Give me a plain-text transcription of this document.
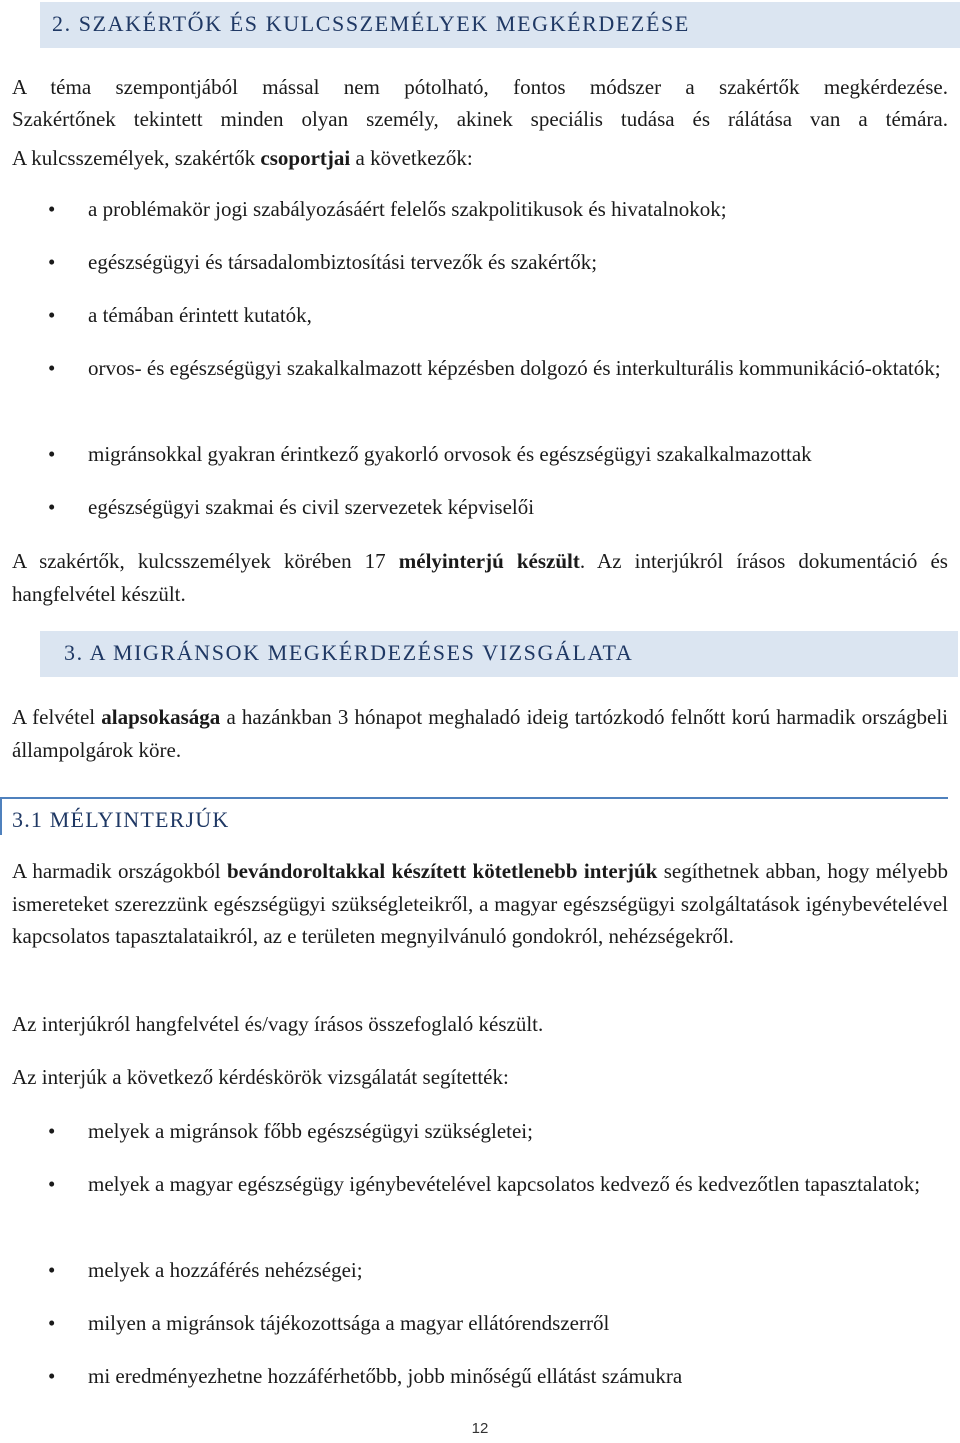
2. SZAKÉRTŐK ÉS KULCSSZEMÉLYEK MEGKÉRDEZÉSE

A téma szempontjából mással nem pótolható, fontos módszer a szakértők megkérdezése.

Szakértőnek tekintett minden olyan személy, akinek speciális tudása és rálátása van a témára.

A kulcsszemélyek, szakértők csoportjai a következők:

• a problémakör jogi szabályozásáért felelős szakpolitikusok és hivatalnokok;

• egészségügyi és társadalombiztosítási tervezők és szakértők;

• a témában érintett kutatók,

• orvos- és egészségügyi szakalkalmazott képzésben dolgozó és interkulturális kommunikáció-oktatók;

• migránsokkal gyakran érintkező gyakorló orvosok és egészségügyi szakalkalmazottak

• egészségügyi szakmai és civil szervezetek képviselői

A szakértők, kulcsszemélyek körében 17 mélyinterjú készült. Az interjúkról írásos dokumentáció és hangfelvétel készült.

3. A MIGRÁNSOK MEGKÉRDEZÉSES VIZSGÁLATA

A felvétel alapsokasága a hazánkban 3 hónapot meghaladó ideig tartózkodó felnőtt korú harmadik országbeli állampolgárok köre.

3.1 MÉLYINTERJÚK

A harmadik országokból bevándoroltakkal készített kötetlenebb interjúk segíthetnek abban, hogy mélyebb ismereteket szerezzünk egészségügyi szükségleteikről, a magyar egészségügyi szolgáltatások igénybevételével kapcsolatos tapasztalataikról, az e területen megnyilvánuló gondokról, nehézségekről.

Az interjúkról hangfelvétel és/vagy írásos összefoglaló készült.

Az interjúk a következő kérdéskörök vizsgálatát segítették:

• melyek a migránsok főbb egészségügyi szükségletei;

• melyek a magyar egészségügy igénybevételével kapcsolatos kedvező és kedvezőtlen tapasztalatok;

• melyek a hozzáférés nehézségei;

• milyen a migránsok tájékozottsága a magyar ellátórendszerről

• mi eredményezhetne hozzáférhetőbb, jobb minőségű ellátást számukra

12
